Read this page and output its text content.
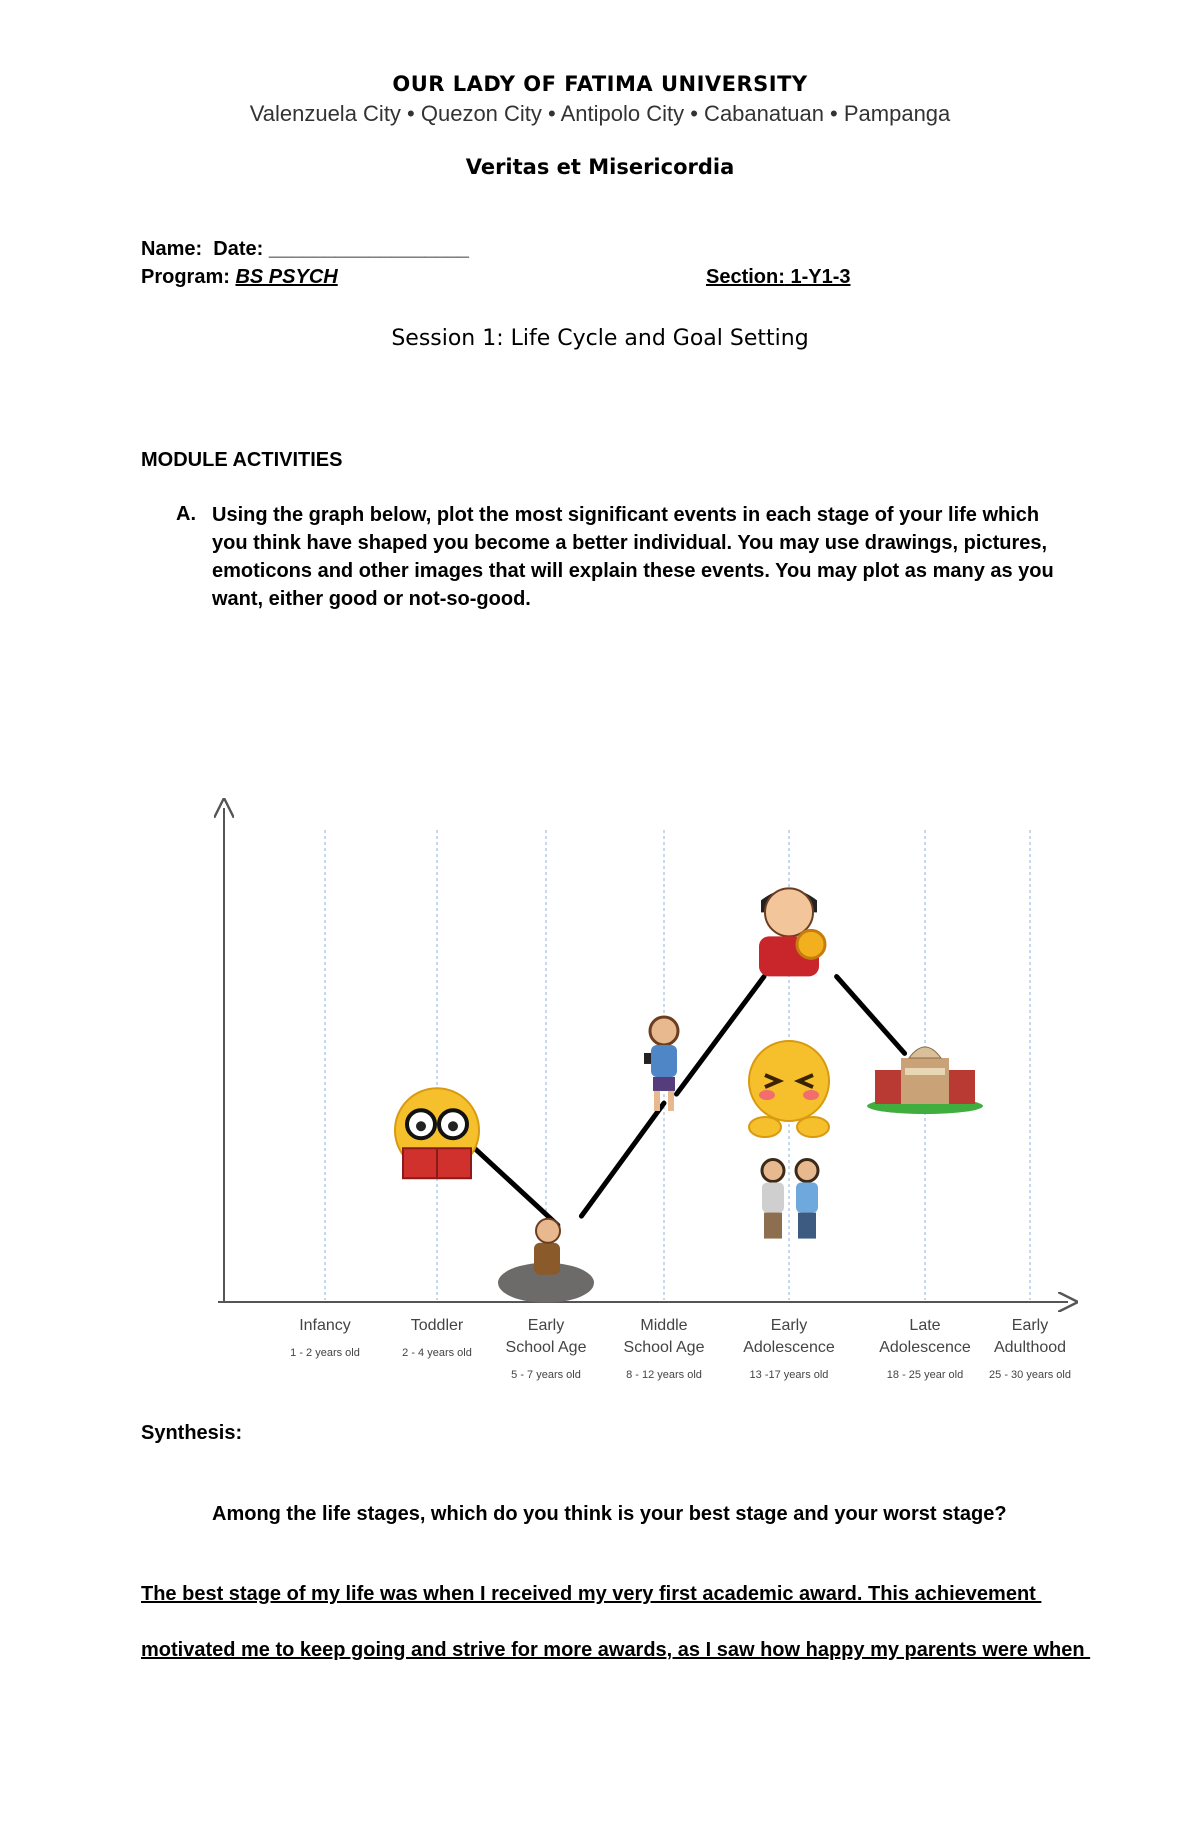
OUR LADY OF FATIMA UNIVERSITY
Valenzuela City • Quezon City • Antipolo City • Cabanatuan • Pampanga
Veritas et Misericordia
Name: Date: __________________
Program: BS PSYCH	Section: 1-Y1-3
Session 1: Life Cycle and Goal Setting
MODULE ACTIVITIES
A. Using the graph below, plot the most significant events in each stage of your life which you think have shaped you become a better individual. You may use drawings, pictures, emoticons and other images that will explain these events. You may plot as many as you want, either good or not-so-good.
Infancy
1 - 2 years old
Toddler
2 - 4 years old
Early
School Age
5 - 7 years old
Middle
School Age
8 - 12 years old
Early
Adolescence
13 -17 years old
Late
Adolescence
18 - 25 year old
Early
Adulthood
25 - 30 years old
Synthesis:
Among the life stages, which do you think is your best stage and your worst stage?
The best stage of my life was when I received my very first academic award. This achievement
motivated me to keep going and strive for more awards, as I saw how happy my parents were when
